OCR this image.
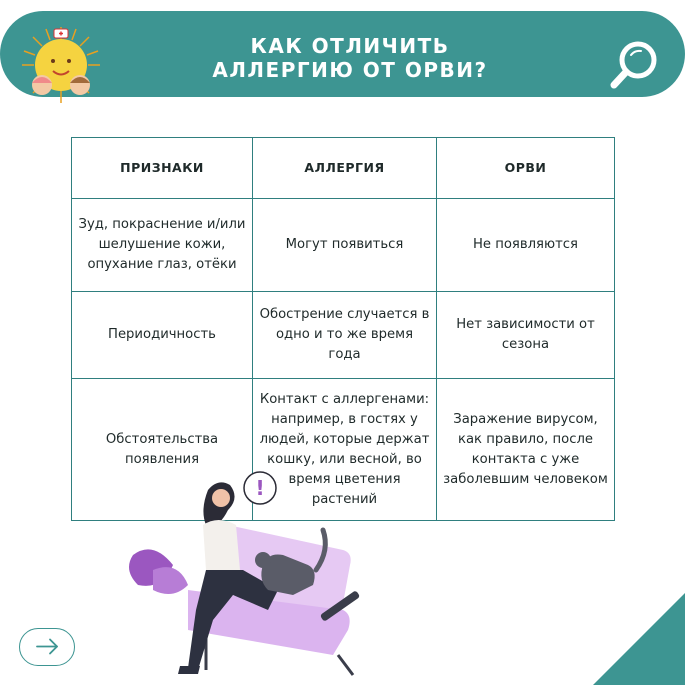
КАК ОТЛИЧИТЬ
АЛЛЕРГИЮ ОТ ОРВИ?
ПРИЗНАКИ	АЛЛЕРГИЯ	ОРВИ
Зуд, покраснение и/или шелушение кожи, опухание глаз, отёки	Могут появиться	Не появляются
Периодичность	Обострение случается в одно и то же время года	Нет зависимости от сезона
Обстоятельства появления	Контакт с аллергенами: например, в гостях у людей, которые держат кошку, или весной, во время цветения растений	Заражение вирусом, как правило, после контакта с уже заболевшим человеком
!
